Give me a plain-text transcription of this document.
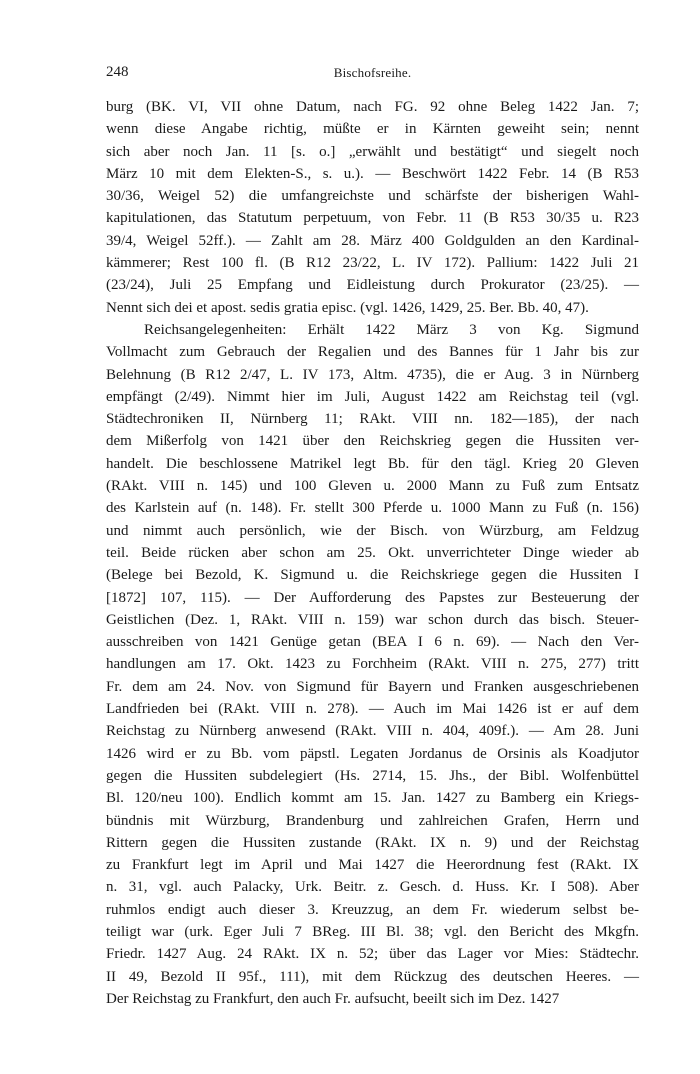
248	Bischofsreihe.
burg (BK. VI, VII ohne Datum, nach FG. 92 ohne Beleg 1422 Jan. 7;
wenn diese Angabe richtig, müßte er in Kärnten geweiht sein; nennt
sich aber noch Jan. 11 [s. o.] „erwählt und bestätigt“ und siegelt noch
März 10 mit dem Elekten-S., s. u.). — Beschwört 1422 Febr. 14 (B R53
30/36, Weigel 52) die umfangreichste und schärfste der bisherigen Wahl-
kapitulationen, das Statutum perpetuum, von Febr. 11 (B R53 30/35 u. R23
39/4, Weigel 52ff.). — Zahlt am 28. März 400 Goldgulden an den Kardinal-
kämmerer; Rest 100 fl. (B R12 23/22, L. IV 172). Pallium: 1422 Juli 21
(23/24), Juli 25 Empfang und Eidleistung durch Prokurator (23/25). —
Nennt sich dei et apost. sedis gratia episc. (vgl. 1426, 1429, 25. Ber. Bb. 40, 47).
Reichsangelegenheiten: Erhält 1422 März 3 von Kg. Sigmund
Vollmacht zum Gebrauch der Regalien und des Bannes für 1 Jahr bis zur
Belehnung (B R12 2/47, L. IV 173, Altm. 4735), die er Aug. 3 in Nürnberg
empfängt (2/49). Nimmt hier im Juli, August 1422 am Reichstag teil (vgl.
Städtechroniken II, Nürnberg 11; RAkt. VIII nn. 182—185), der nach
dem Mißerfolg von 1421 über den Reichskrieg gegen die Hussiten ver-
handelt. Die beschlossene Matrikel legt Bb. für den tägl. Krieg 20 Gleven
(RAkt. VIII n. 145) und 100 Gleven u. 2000 Mann zu Fuß zum Entsatz
des Karlstein auf (n. 148). Fr. stellt 300 Pferde u. 1000 Mann zu Fuß (n. 156)
und nimmt auch persönlich, wie der Bisch. von Würzburg, am Feldzug
teil. Beide rücken aber schon am 25. Okt. unverrichteter Dinge wieder ab
(Belege bei Bezold, K. Sigmund u. die Reichskriege gegen die Hussiten I
[1872] 107, 115). — Der Aufforderung des Papstes zur Besteuerung der
Geistlichen (Dez. 1, RAkt. VIII n. 159) war schon durch das bisch. Steuer-
ausschreiben von 1421 Genüge getan (BEA I 6 n. 69). — Nach den Ver-
handlungen am 17. Okt. 1423 zu Forchheim (RAkt. VIII n. 275, 277) tritt
Fr. dem am 24. Nov. von Sigmund für Bayern und Franken ausgeschriebenen
Landfrieden bei (RAkt. VIII n. 278). — Auch im Mai 1426 ist er auf dem
Reichstag zu Nürnberg anwesend (RAkt. VIII n. 404, 409f.). — Am 28. Juni
1426 wird er zu Bb. vom päpstl. Legaten Jordanus de Orsinis als Koadjutor
gegen die Hussiten subdelegiert (Hs. 2714, 15. Jhs., der Bibl. Wolfenbüttel
Bl. 120/neu 100). Endlich kommt am 15. Jan. 1427 zu Bamberg ein Kriegs-
bündnis mit Würzburg, Brandenburg und zahlreichen Grafen, Herrn und
Rittern gegen die Hussiten zustande (RAkt. IX n. 9) und der Reichstag
zu Frankfurt legt im April und Mai 1427 die Heerordnung fest (RAkt. IX
n. 31, vgl. auch Palacky, Urk. Beitr. z. Gesch. d. Huss. Kr. I 508). Aber
ruhmlos endigt auch dieser 3. Kreuzzug, an dem Fr. wiederum selbst be-
teiligt war (urk. Eger Juli 7 BReg. III Bl. 38; vgl. den Bericht des Mkgfn.
Friedr. 1427 Aug. 24 RAkt. IX n. 52; über das Lager vor Mies: Städtechr.
II 49, Bezold II 95f., 111), mit dem Rückzug des deutschen Heeres. —
Der Reichstag zu Frankfurt, den auch Fr. aufsucht, beeilt sich im Dez. 1427
